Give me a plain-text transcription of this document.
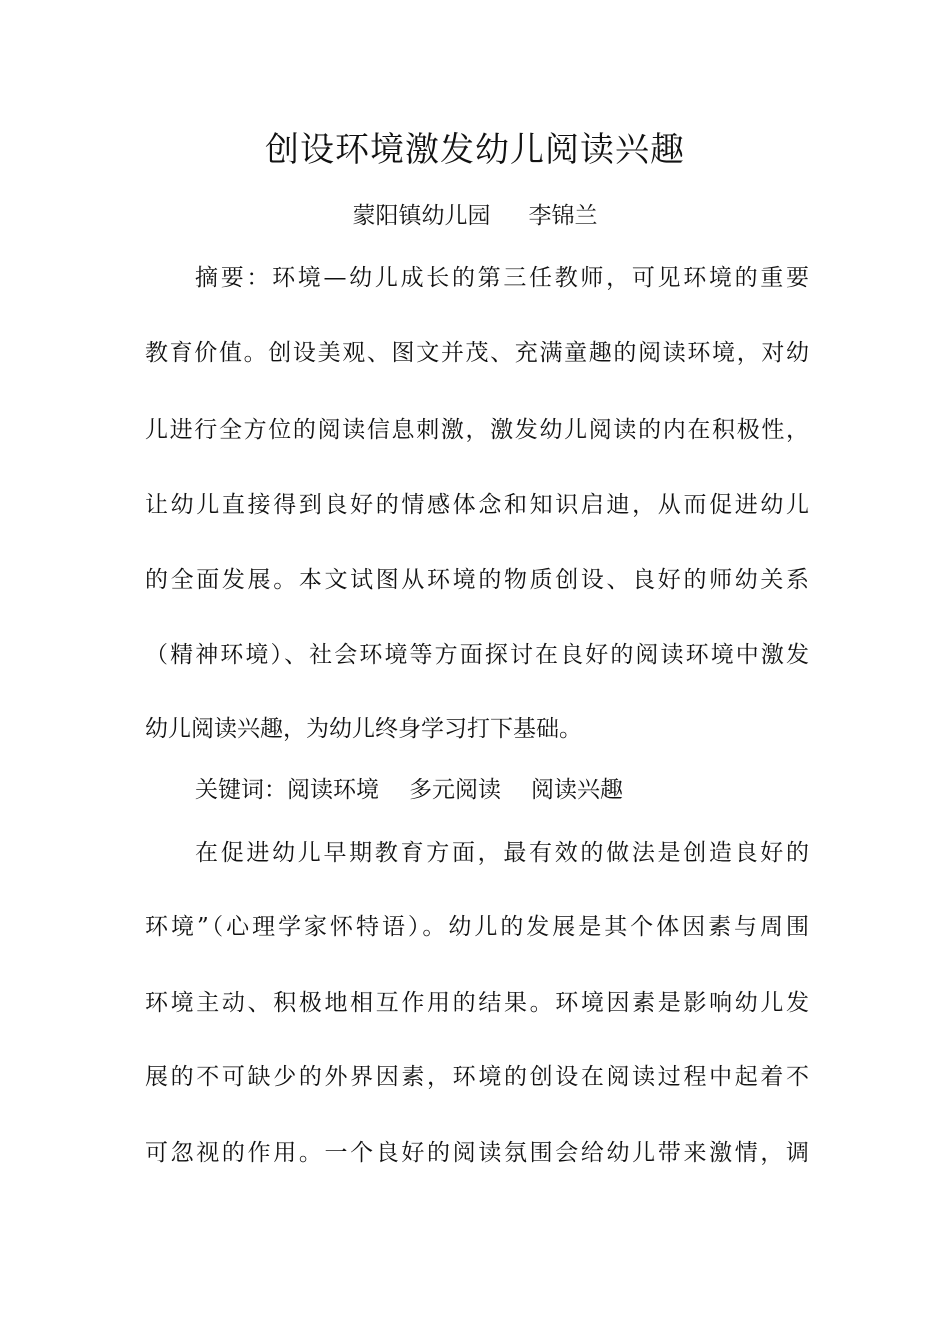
创设环境激发幼儿阅读兴趣
蒙阳镇幼儿园 李锦兰
摘要：环境—幼儿成长的第三任教师，可见环境的重要
教育价值。创设美观、图文并茂、充满童趣的阅读环境，对幼
儿进行全方位的阅读信息刺激，激发幼儿阅读的内在积极性，
让幼儿直接得到良好的情感体念和知识启迪，从而促进幼儿
的全面发展。本文试图从环境的物质创设、良好的师幼关系
（精神环境）、社会环境等方面探讨在良好的阅读环境中激发
幼儿阅读兴趣，为幼儿终身学习打下基础。
关键词：阅读环境 多元阅读 阅读兴趣
在促进幼儿早期教育方面，最有效的做法是创造良好的
环境”（心理学家怀特语）。幼儿的发展是其个体因素与周围
环境主动、积极地相互作用的结果。环境因素是影响幼儿发
展的不可缺少的外界因素，环境的创设在阅读过程中起着不
可忽视的作用。一个良好的阅读氛围会给幼儿带来激情，调
